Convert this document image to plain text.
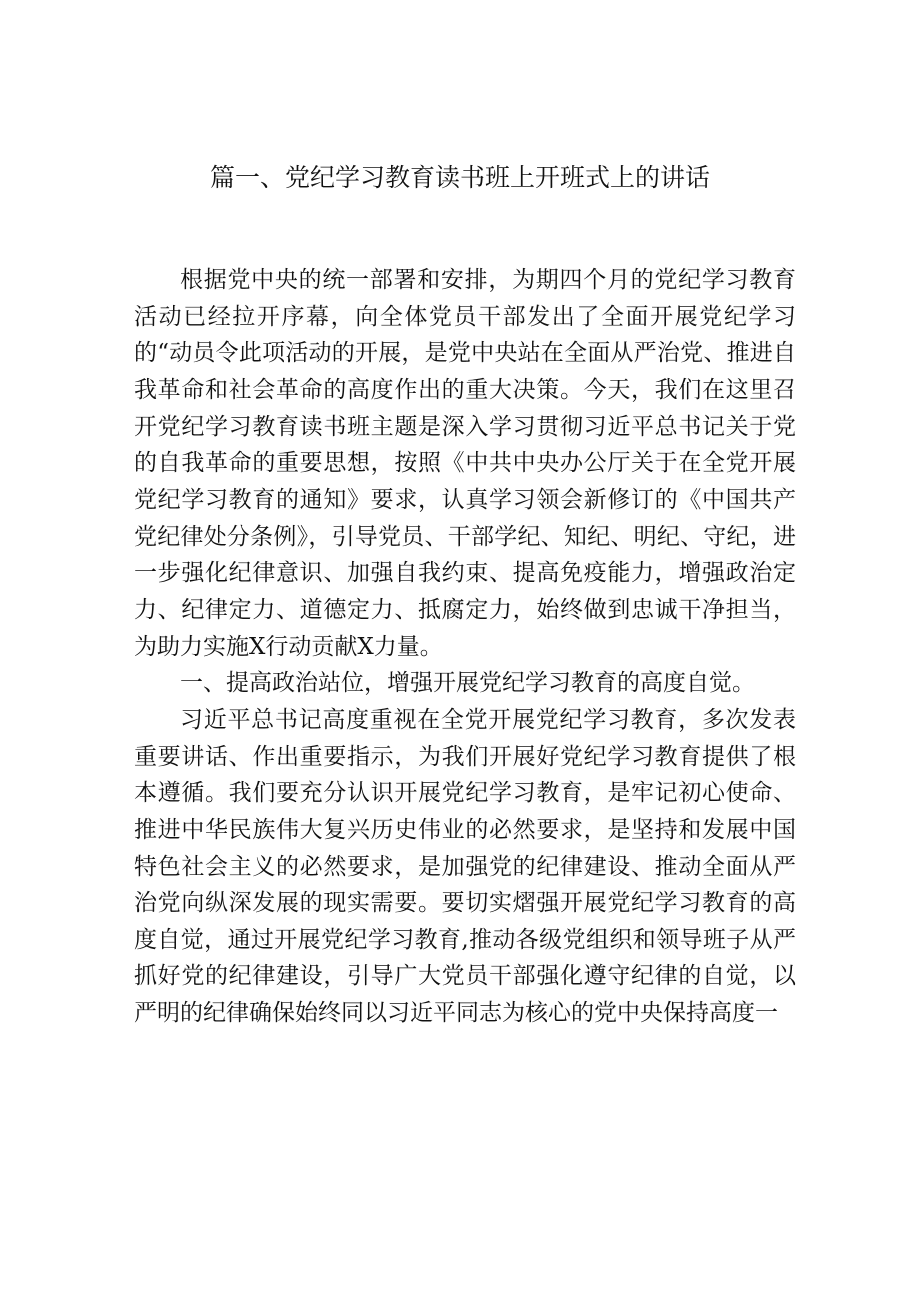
篇一、党纪学习教育读书班上开班式上的讲话

根据党中央的统一部署和安排，为期四个月的党纪学习教育活动已经拉开序幕，向全体党员干部发出了全面开展党纪学习的“动员令此项活动的开展，是党中央站在全面从严治党、推进自我革命和社会革命的高度作出的重大决策。今天，我们在这里召开党纪学习教育读书班主题是深入学习贯彻习近平总书记关于党的自我革命的重要思想，按照《中共中央办公厅关于在全党开展党纪学习教育的通知》要求，认真学习领会新修订的《中国共产党纪律处分条例》，引导党员、干部学纪、知纪、明纪、守纪，进一步强化纪律意识、加强自我约束、提高免疫能力，增强政治定力、纪律定力、道德定力、抵腐定力，始终做到忠诚干净担当，为助力实施X行动贡献X力量。

一、提高政治站位，增强开展党纪学习教育的高度自觉。

习近平总书记高度重视在全党开展党纪学习教育，多次发表重要讲话、作出重要指示，为我们开展好党纪学习教育提供了根本遵循。我们要充分认识开展党纪学习教育，是牢记初心使命、推进中华民族伟大复兴历史伟业的必然要求，是坚持和发展中国特色社会主义的必然要求，是加强党的纪律建设、推动全面从严治党向纵深发展的现实需要。要切实熠强开展党纪学习教育的高度自觉，通过开展党纪学习教育,推动各级党组织和领导班子从严抓好党的纪律建设，引导广大党员干部强化遵守纪律的自觉，以严明的纪律确保始终同以习近平同志为核心的党中央保持高度一
